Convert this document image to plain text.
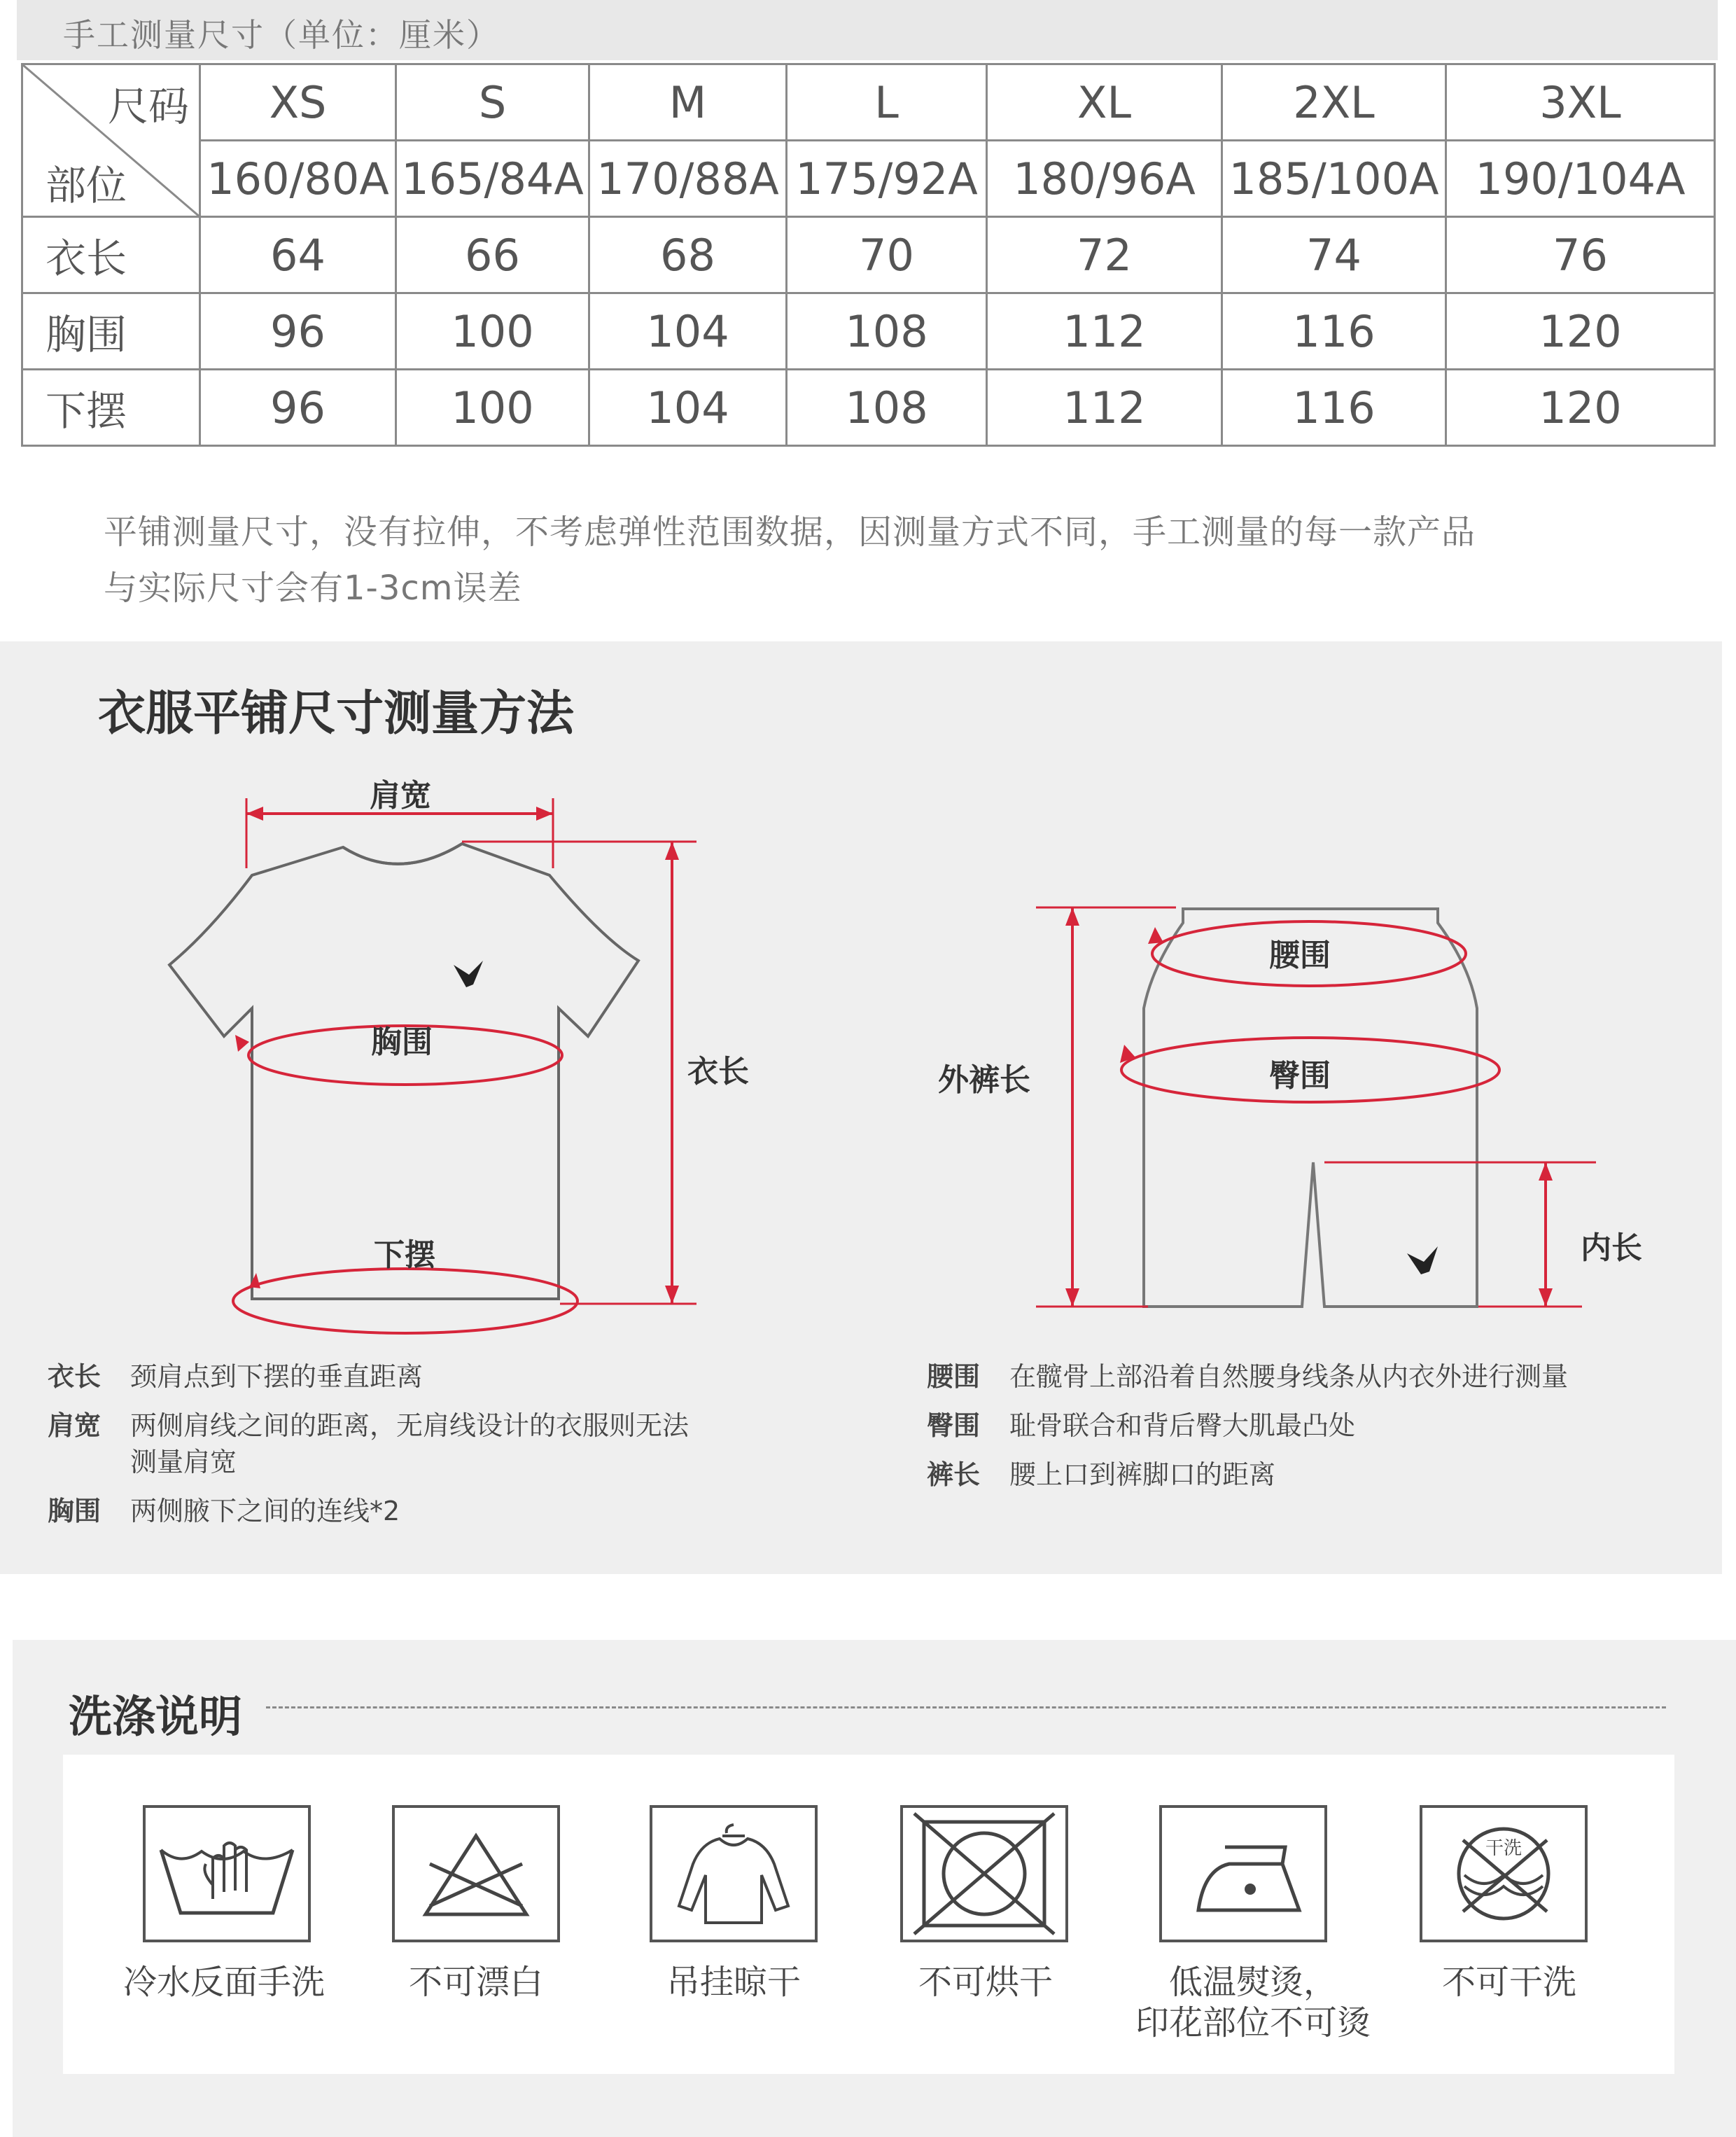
手工测量尺寸（单位：厘米）
尺码
部位	XS	S	M	L	XL	2XL	3XL
	160/80A	165/84A	170/88A	175/92A	180/96A	185/100A	190/104A
衣长	64	66	68	70	72	74	76
胸围	96	100	104	108	112	116	120
下摆	96	100	104	108	112	116	120
平铺测量尺寸，没有拉伸，不考虑弹性范围数据，因测量方式不同，手工测量的每一款产品
与实际尺寸会有1-3cm误差
衣服平铺尺寸测量方法
肩宽
胸围
衣长
下摆
腰围
臀围
外裤长
内长
衣长 颈肩点到下摆的垂直距离
肩宽 两侧肩线之间的距离，无肩线设计的衣服则无法
测量肩宽
胸围 两侧腋下之间的连线*2
腰围 在髋骨上部沿着自然腰身线条从内衣外进行测量
臀围 耻骨联合和背后臀大肌最凸处
裤长 腰上口到裤脚口的距离
洗涤说明
冷水反面手洗	不可漂白	吊挂晾干	不可烘干	低温熨烫，
印花部位不可烫
干洗
不可干洗
